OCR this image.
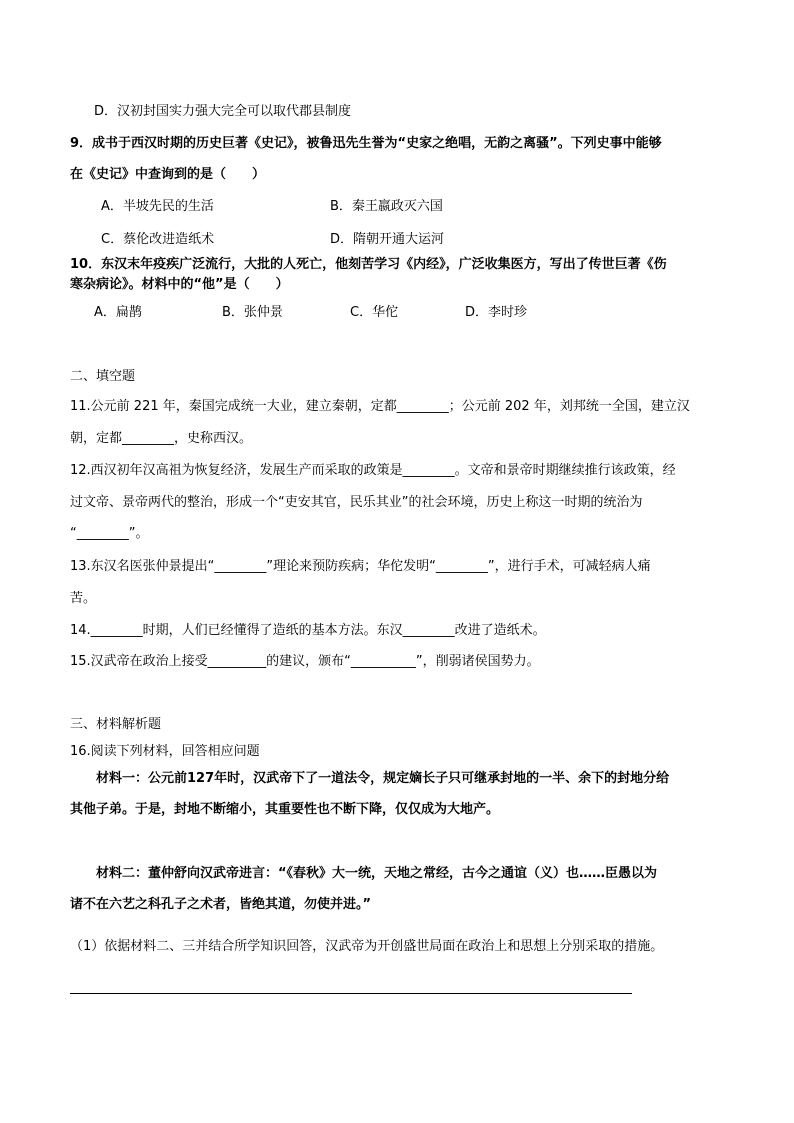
D．汉初封国实力强大完全可以取代郡县制度
9．成书于西汉时期的历史巨著《史记》，被鲁迅先生誉为“史家之绝唱，无韵之离骚”。下列史事中能够
在《史记》中查询到的是（　　）
A．半坡先民的生活	B．秦王嬴政灭六国
C．蔡伦改进造纸术	D．隋朝开通大运河
10．东汉末年疫疾广泛流行，大批的人死亡，他刻苦学习《内经》，广泛收集医方，写出了传世巨著《伤
寒杂病论》。材料中的“他”是（　　）
A．扁鹊	B．张仲景	C．华佗	D．李时珍
二、填空题
11.公元前 221 年，秦国完成统一大业，建立秦朝，定都________；公元前 202 年，刘邦统一全国，建立汉
朝，定都________，史称西汉。
12.西汉初年汉高祖为恢复经济，发展生产而采取的政策是________。文帝和景帝时期继续推行该政策，经
过文帝、景帝两代的整治，形成一个“吏安其官，民乐其业”的社会环境，历史上称这一时期的统治为
“________”。
13.东汉名医张仲景提出“________”理论来预防疾病；华佗发明“________”，进行手术，可减轻病人痛
苦。
14.________时期，人们已经懂得了造纸的基本方法。东汉________改进了造纸术。
15.汉武帝在政治上接受_________的建议，颁布“__________”，削弱诸侯国势力。
三、材料解析题
16.阅读下列材料，回答相应问题
材料一：公元前127年时，汉武帝下了一道法令，规定嫡长子只可继承封地的一半、余下的封地分给
其他子弟。于是，封地不断缩小，其重要性也不断下降，仅仅成为大地产。
材料二：董仲舒向汉武帝进言：“《春秋》大一统，天地之常经，古今之通谊（义）也……臣愚以为
诸不在六艺之科孔子之术者，皆绝其道，勿使并进。”
（1）依据材料二、三并结合所学知识回答，汉武帝为开创盛世局面在政治上和思想上分别采取的措施。
